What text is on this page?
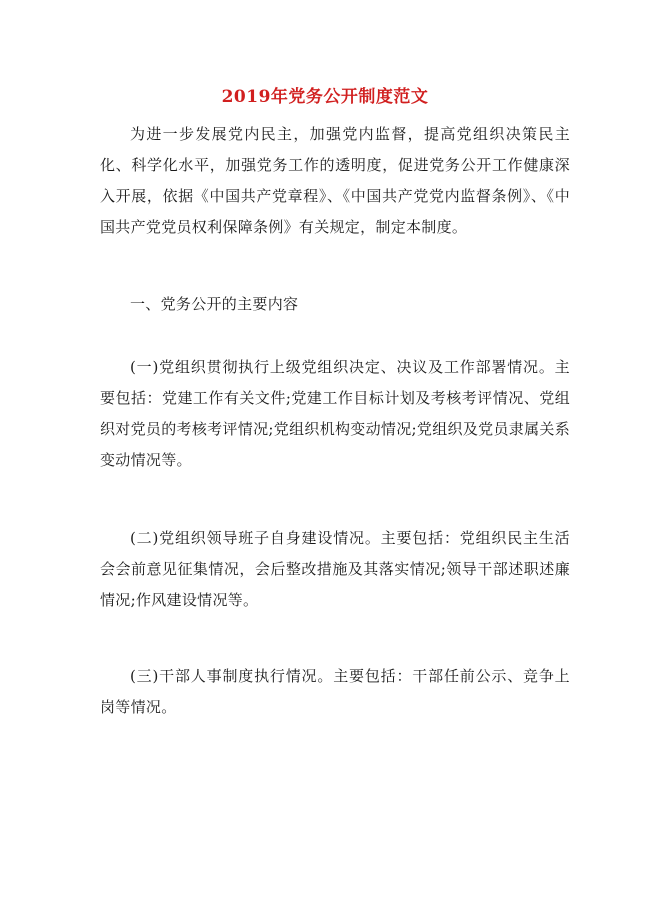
2019年党务公开制度范文

为进一步发展党内民主，加强党内监督，提高党组织决策民主化、科学化水平，加强党务工作的透明度，促进党务公开工作健康深入开展，依据《中国共产党章程》、《中国共产党党内监督条例》、《中国共产党党员权利保障条例》有关规定，制定本制度。

一、党务公开的主要内容

(一)党组织贯彻执行上级党组织决定、决议及工作部署情况。主要包括：党建工作有关文件;党建工作目标计划及考核考评情况、党组织对党员的考核考评情况;党组织机构变动情况;党组织及党员隶属关系变动情况等。

(二)党组织领导班子自身建设情况。主要包括：党组织民主生活会会前意见征集情况，会后整改措施及其落实情况;领导干部述职述廉情况;作风建设情况等。

(三)干部人事制度执行情况。主要包括：干部任前公示、竞争上岗等情况。
